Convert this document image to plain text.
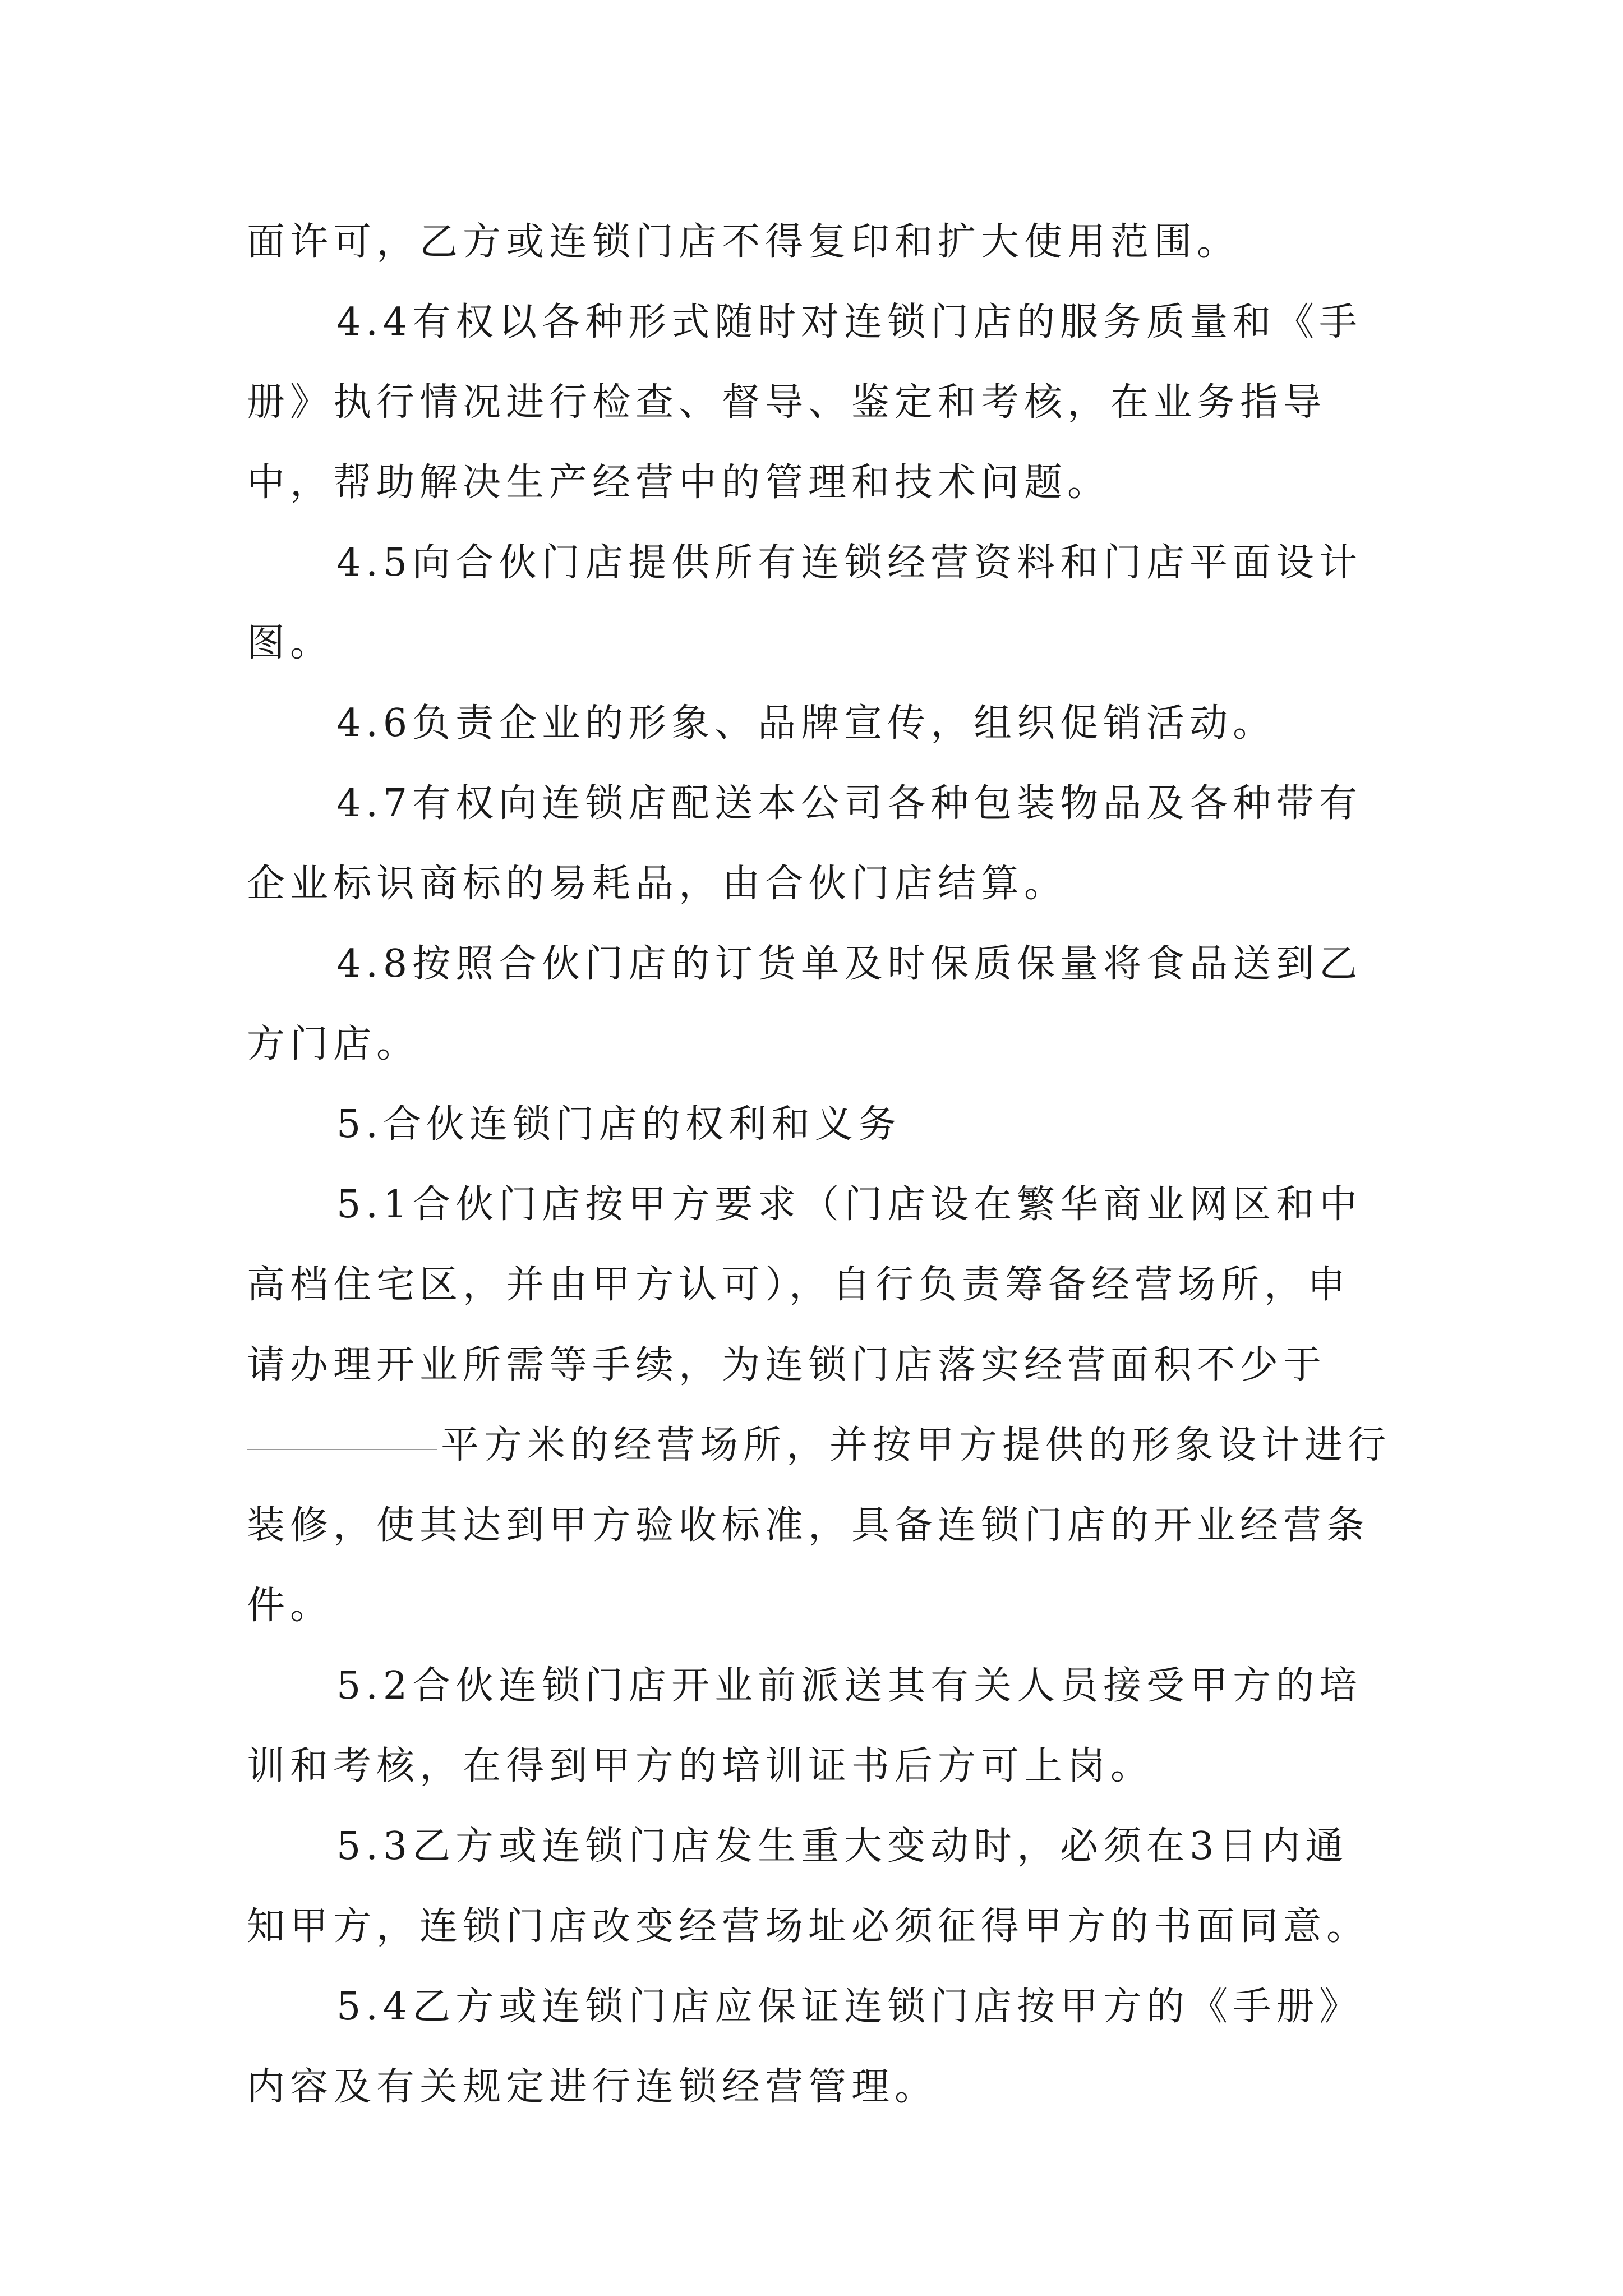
面许可，乙方或连锁门店不得复印和扩大使用范围。

4.4有权以各种形式随时对连锁门店的服务质量和《手册》执行情况进行检查、督导、鉴定和考核，在业务指导中，帮助解决生产经营中的管理和技术问题。

4.5向合伙门店提供所有连锁经营资料和门店平面设计图。

4.6负责企业的形象、品牌宣传，组织促销活动。

4.7有权向连锁店配送本公司各种包装物品及各种带有企业标识商标的易耗品，由合伙门店结算。

4.8按照合伙门店的订货单及时保质保量将食品送到乙方门店。

5.合伙连锁门店的权利和义务

5.1合伙门店按甲方要求（门店设在繁华商业网区和中高档住宅区，并由甲方认可），自行负责筹备经营场所，申请办理开业所需等手续，为连锁门店落实经营面积不少于平方米的经营场所，并按甲方提供的形象设计进行装修，使其达到甲方验收标准，具备连锁门店的开业经营条件。

5.2合伙连锁门店开业前派送其有关人员接受甲方的培训和考核，在得到甲方的培训证书后方可上岗。

5.3乙方或连锁门店发生重大变动时，必须在3日内通知甲方，连锁门店改变经营场址必须征得甲方的书面同意。

5.4乙方或连锁门店应保证连锁门店按甲方的《手册》内容及有关规定进行连锁经营管理。
